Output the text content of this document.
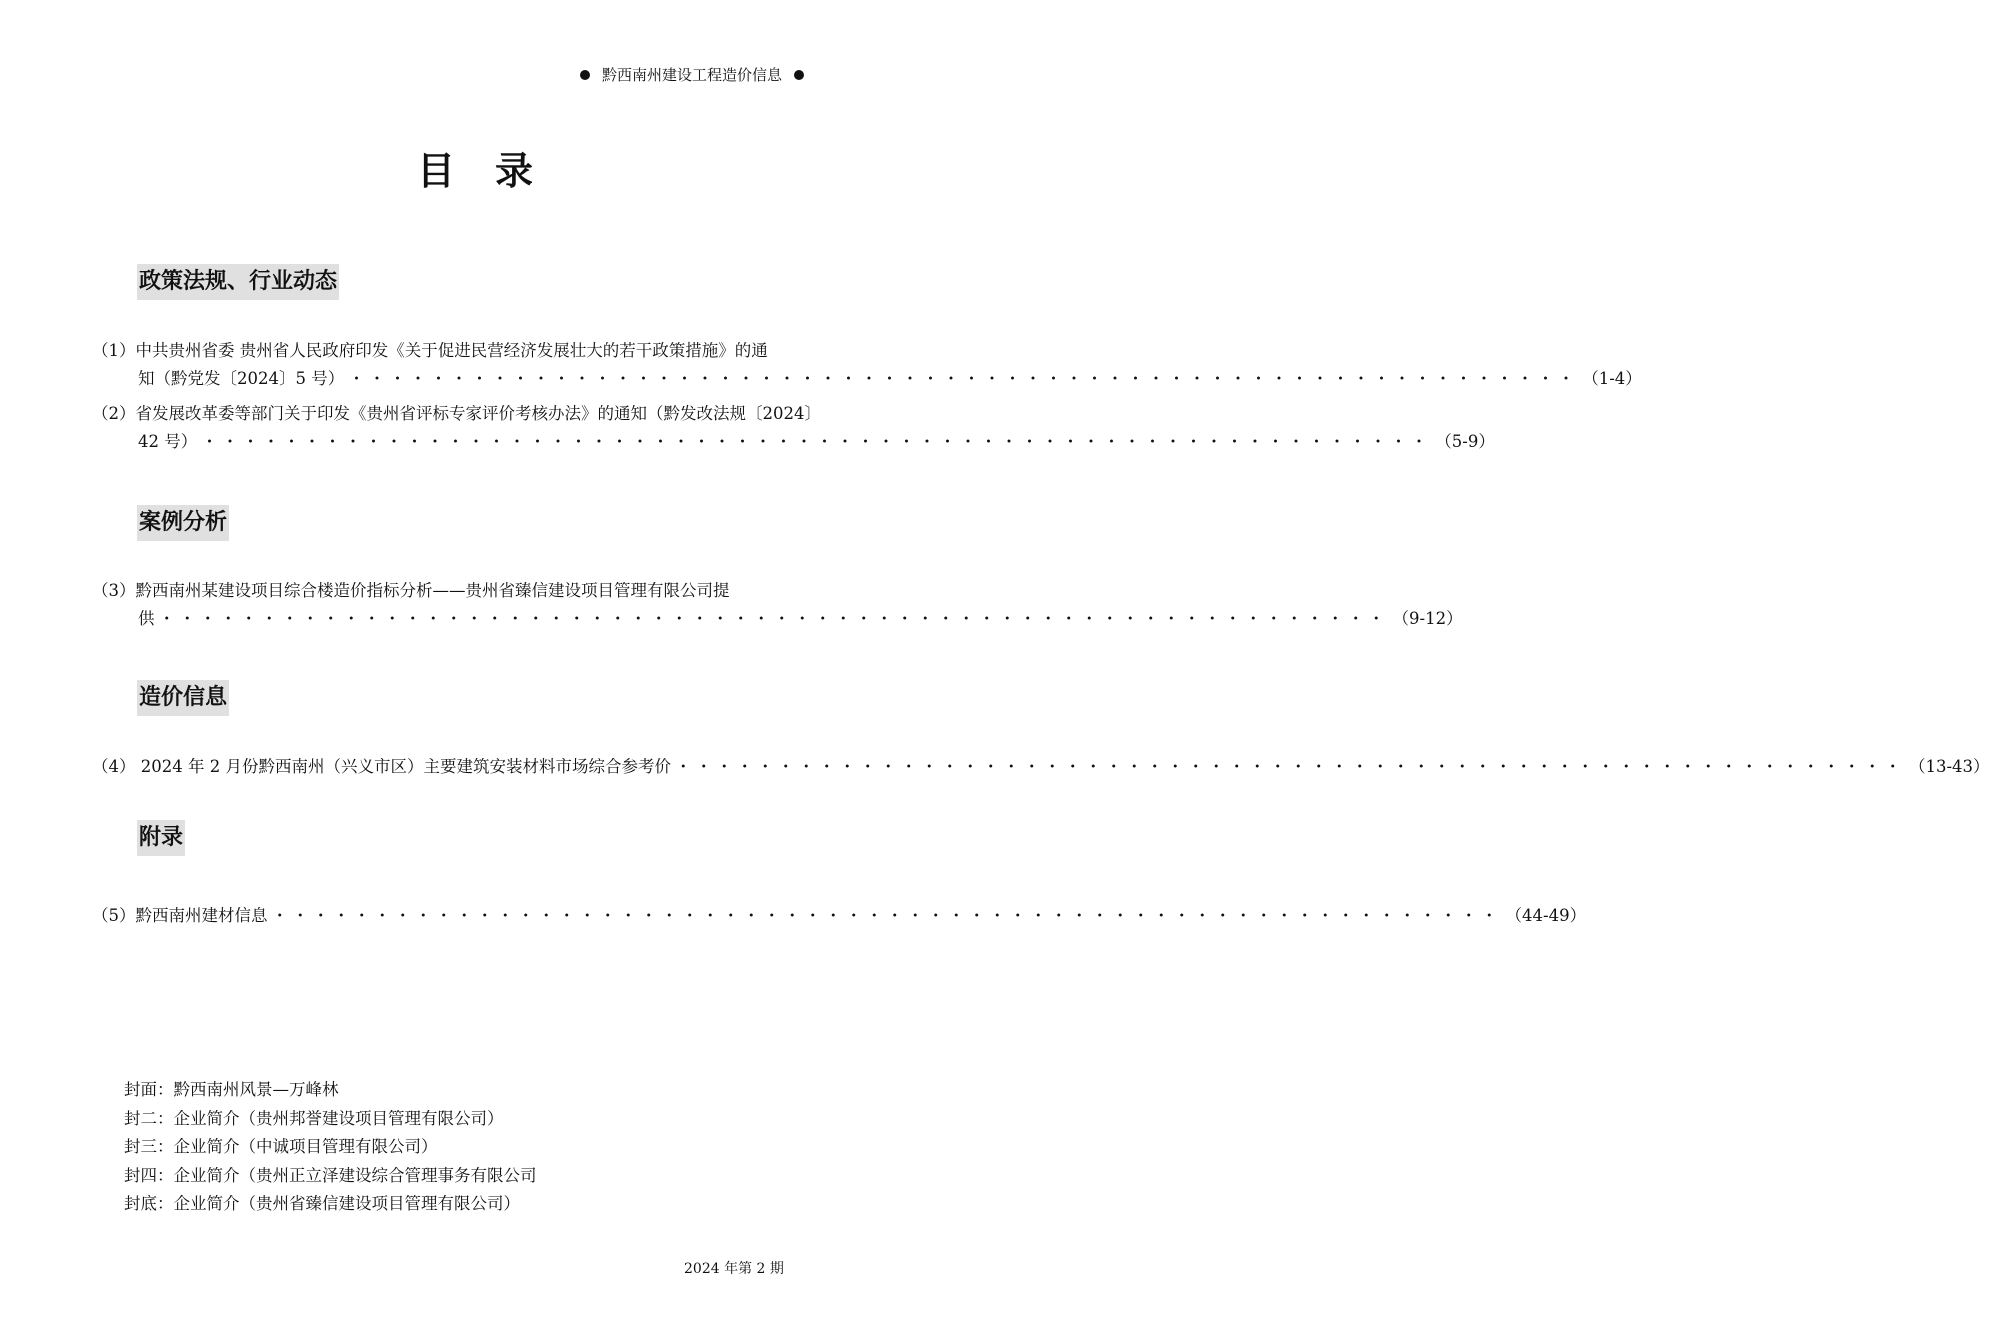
黔西南州建设工程造价信息
目录
政策法规、行业动态
（1）中共贵州省委 贵州省人民政府印发《关于促进民营经济发展壮大的若干政策措施》的通
知（黔党发〔2024〕5 号） ・・・・・・・・・・・・・・・・・・・・・・・・・・・・・・・・・・・・・・・・・・・・・・・・・・・・・・・・・・・・ （1-4）
（2）省发展改革委等部门关于印发《贵州省评标专家评价考核办法》的通知（黔发改法规〔2024〕
42 号） ・・・・・・・・・・・・・・・・・・・・・・・・・・・・・・・・・・・・・・・・・・・・・・・・・・・・・・・・・・・・ （5-9）
案例分析
（3）黔西南州某建设项目综合楼造价指标分析——贵州省臻信建设项目管理有限公司提
供 ・・・・・・・・・・・・・・・・・・・・・・・・・・・・・・・・・・・・・・・・・・・・・・・・・・・・・・・・・・・・ （9-12）
造价信息
（4） 2024 年 2 月份黔西南州（兴义市区）主要建筑安装材料市场综合参考价 ・・・・・・・・・・・・・・・・・・・・・・・・・・・・・・・・・・・・・・・・・・・・・・・・・・・・・・・・・・・・ （13-43）
附录
（5）黔西南州建材信息 ・・・・・・・・・・・・・・・・・・・・・・・・・・・・・・・・・・・・・・・・・・・・・・・・・・・・・・・・・・・・ （44-49）
封面：黔西南州风景—万峰林
封二：企业简介（贵州邦誉建设项目管理有限公司）
封三：企业简介（中诚项目管理有限公司）
封四：企业简介（贵州正立泽建设综合管理事务有限公司
封底：企业简介（贵州省臻信建设项目管理有限公司）
2024 年第 2 期
